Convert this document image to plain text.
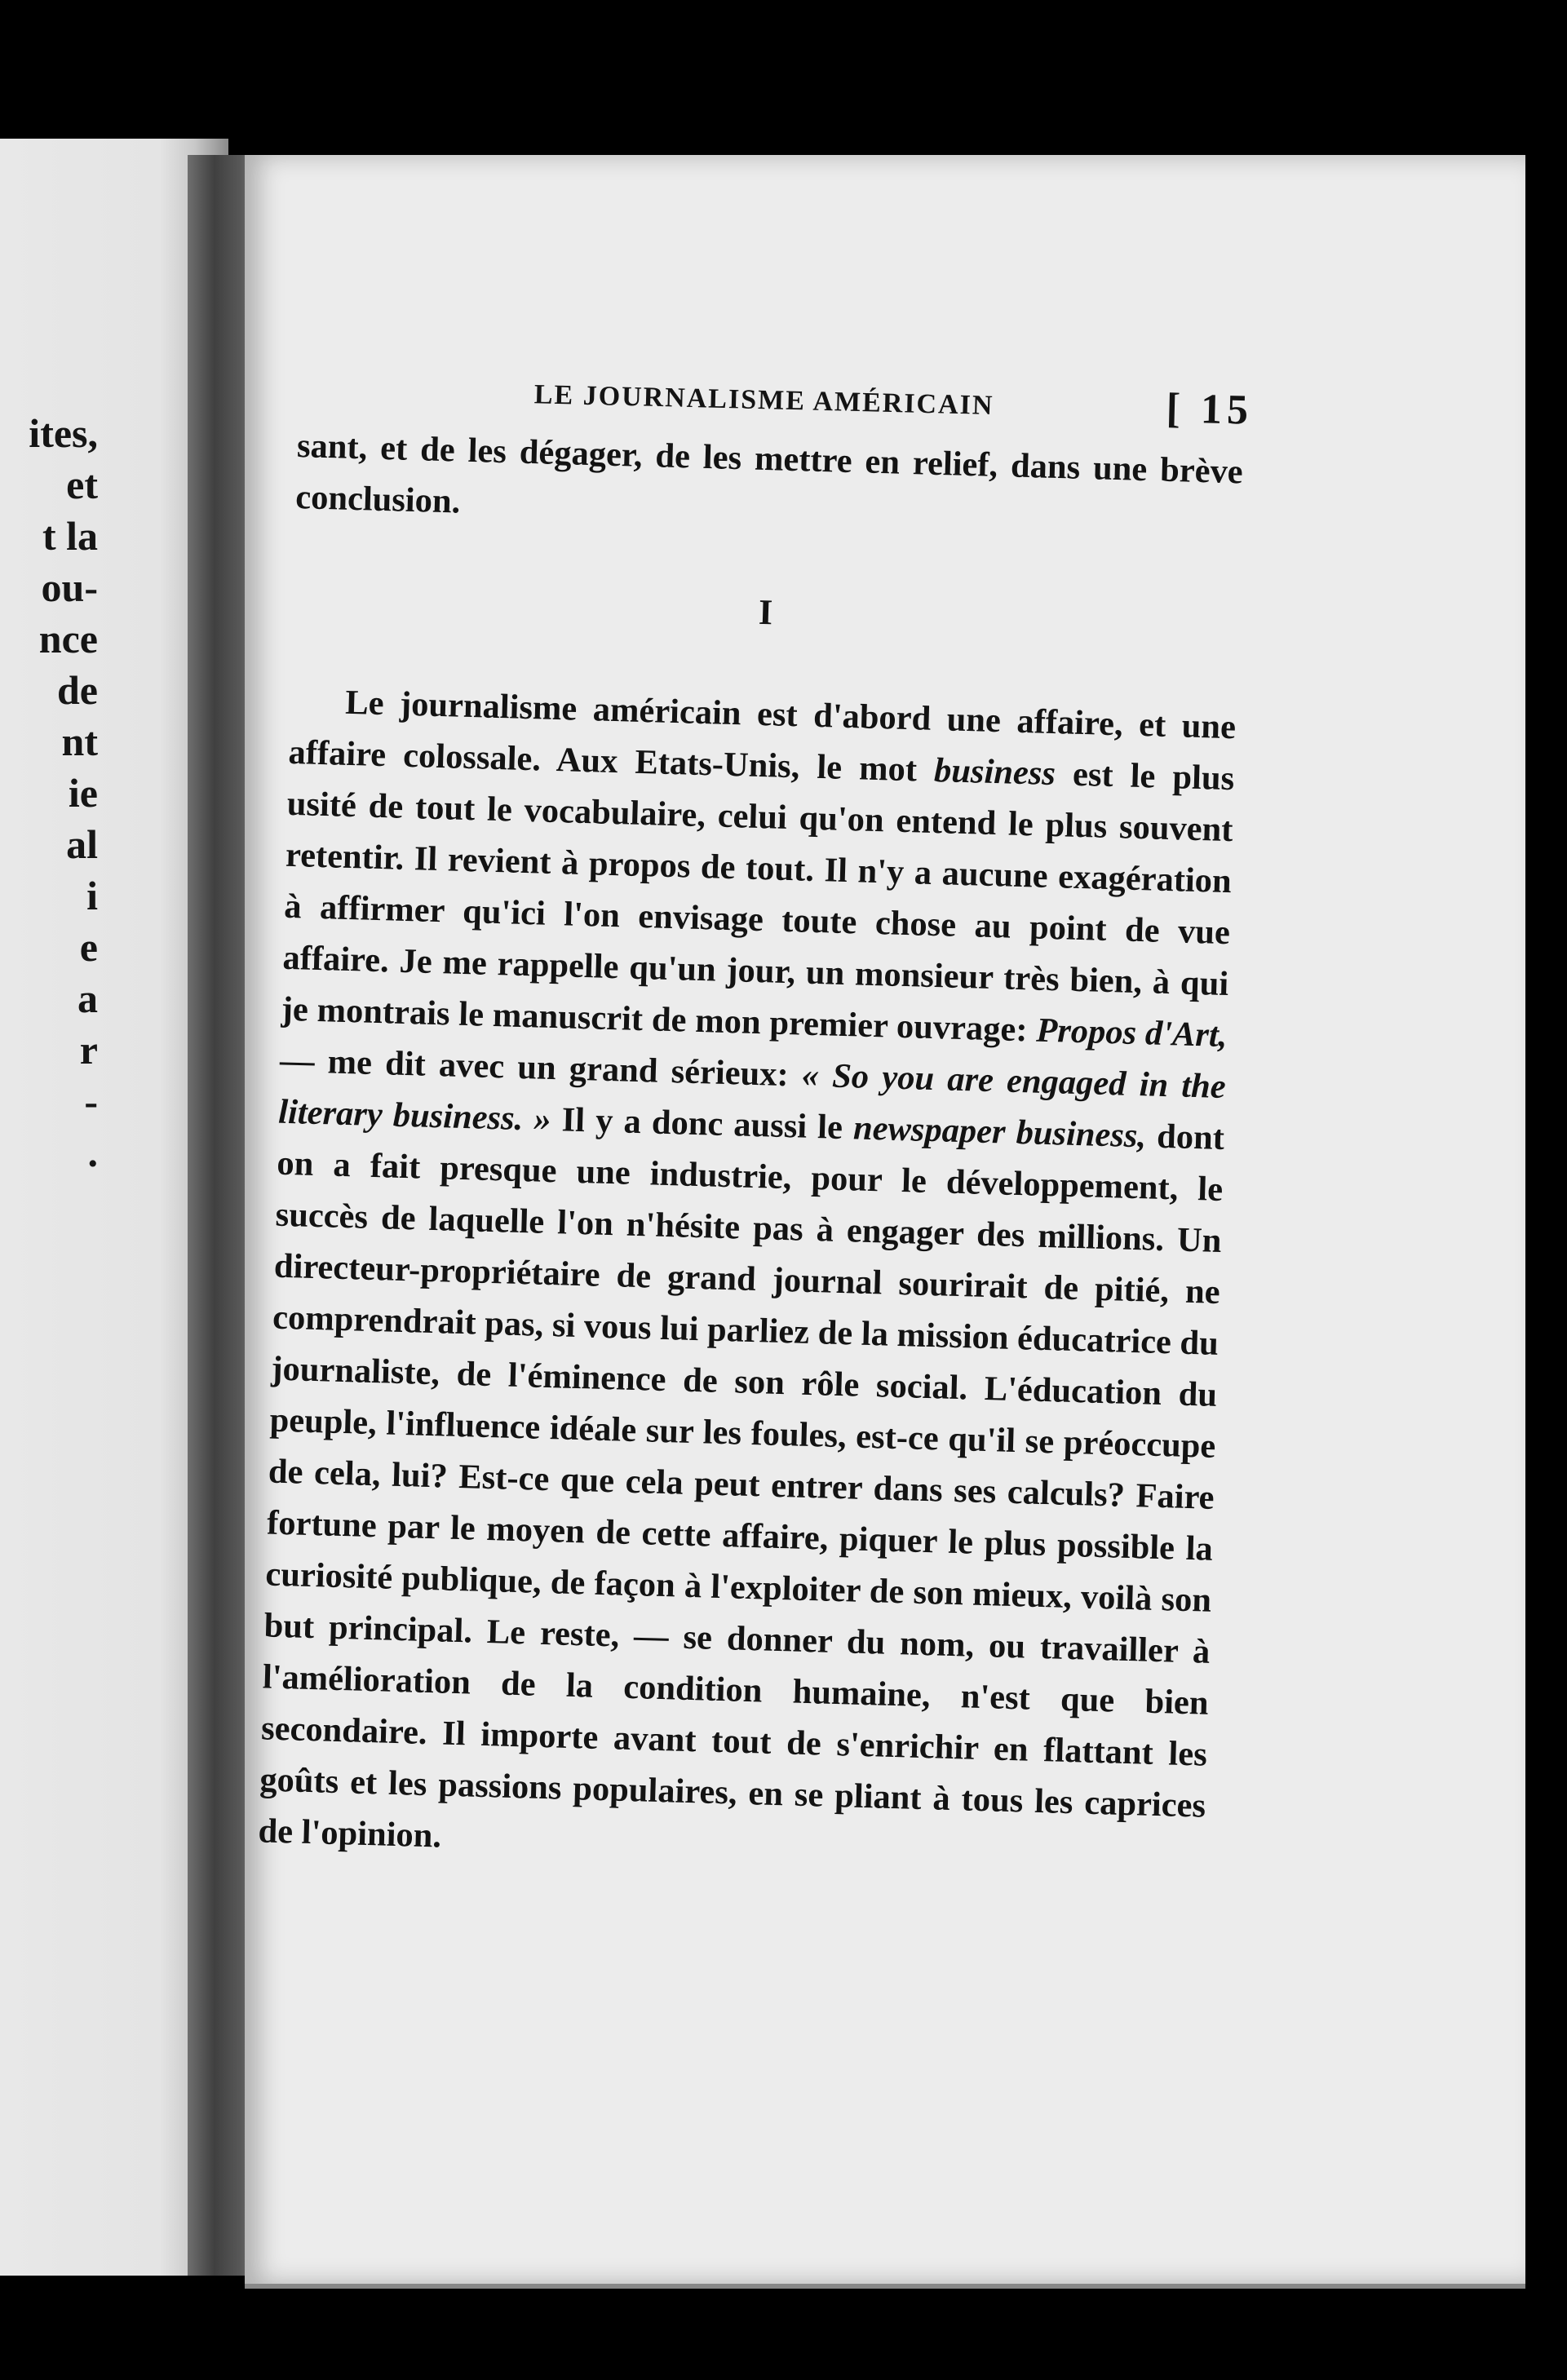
ites,
et
t la
ou-
nce
de
nt
ie
al
i
e
a
r
-
.
LE JOURNALISME AMÉRICAIN	[ 15

sant, et de les dégager, de les mettre en relief, dans une brève conclusion.

I

Le journalisme américain est d'abord une affaire, et une affaire colossale. Aux Etats-Unis, le mot business est le plus usité de tout le vocabulaire, celui qu'on entend le plus souvent retentir. Il revient à propos de tout. Il n'y a aucune exagération à affirmer qu'ici l'on envisage toute chose au point de vue affaire. Je me rappelle qu'un jour, un monsieur très bien, à qui je montrais le manuscrit de mon premier ouvrage: Propos d'Art, — me dit avec un grand sérieux: « So you are engaged in the literary business. » Il y a donc aussi le newspaper business, dont on a fait presque une industrie, pour le développement, le succès de laquelle l'on n'hésite pas à engager des millions. Un directeur-propriétaire de grand journal sourirait de pitié, ne comprendrait pas, si vous lui parliez de la mission éducatrice du journaliste, de l'éminence de son rôle social. L'éducation du peuple, l'influence idéale sur les foules, est-ce qu'il se préoccupe de cela, lui? Est-ce que cela peut entrer dans ses calculs? Faire fortune par le moyen de cette affaire, piquer le plus possible la curiosité publique, de façon à l'exploiter de son mieux, voilà son but principal. Le reste, — se donner du nom, ou travailler à l'amélioration de la condition humaine, n'est que bien secondaire. Il importe avant tout de s'enrichir en flattant les goûts et les passions populaires, en se pliant à tous les caprices de l'opinion.
